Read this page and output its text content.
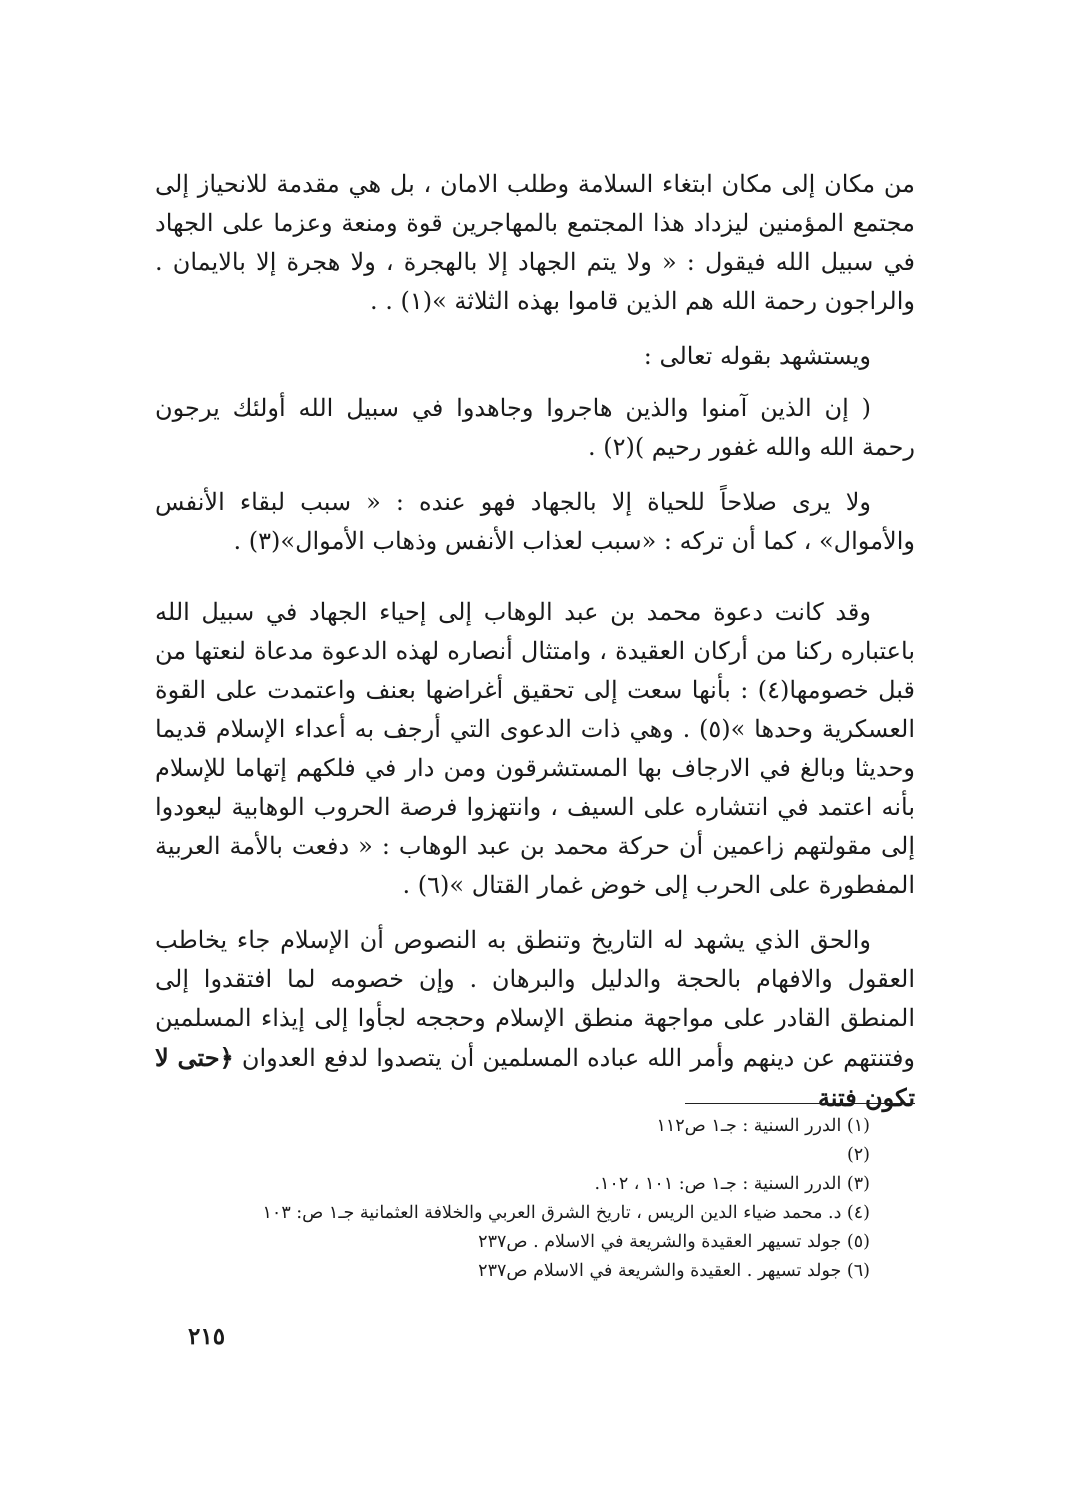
من مكان إلى مكان ابتغاء السلامة وطلب الامان ، بل هي مقدمة للانحياز إلى مجتمع المؤمنين ليزداد هذا المجتمع بالمهاجرين قوة ومنعة وعزما على الجهاد في سبيل الله فيقول : « ولا يتم الجهاد إلا بالهجرة ، ولا هجرة إلا بالايمان . والراجون رحمة الله هم الذين قاموا بهذه الثلاثة »(١) . .

ويستشهد بقوله تعالى :

( إن الذين آمنوا والذين هاجروا وجاهدوا في سبيل الله أولئك يرجون رحمة الله والله غفور رحيم )(٢) .

ولا يرى صلاحاً للحياة إلا بالجهاد فهو عنده : « سبب لبقاء الأنفس والأموال» ، كما أن تركه : «سبب لعذاب الأنفس وذهاب الأموال»(٣) .

وقد كانت دعوة محمد بن عبد الوهاب إلى إحياء الجهاد في سبيل الله باعتباره ركنا من أركان العقيدة ، وامتثال أنصاره لهذه الدعوة مدعاة لنعتها من قبل خصومها(٤) : بأنها سعت إلى تحقيق أغراضها بعنف واعتمدت على القوة العسكرية وحدها »(٥) . وهي ذات الدعوى التي أرجف به أعداء الإسلام قديما وحديثا وبالغ في الارجاف بها المستشرقون ومن دار في فلكهم إتهاما للإسلام بأنه اعتمد في انتشاره على السيف ، وانتهزوا فرصة الحروب الوهابية ليعودوا إلى مقولتهم زاعمين أن حركة محمد بن عبد الوهاب : « دفعت بالأمة العربية المفطورة على الحرب إلى خوض غمار القتال »(٦) .

والحق الذي يشهد له التاريخ وتنطق به النصوص أن الإسلام جاء يخاطب العقول والافهام بالحجة والدليل والبرهان . وإن خصومه لما افتقدوا إلى المنطق القادر على مواجهة منطق الإسلام وحججه لجأوا إلى إيذاء المسلمين وفتنتهم عن دينهم وأمر الله عباده المسلمين أن يتصدوا لدفع العدوان ﴿حتى لا تكون فتنة

(١) الدرر السنية : جـ١ ص١١٢

(٢)

(٣) الدرر السنية : جـ١ ص: ١٠١ ، ١٠٢.

(٤) د. محمد ضياء الدين الريس ، تاريخ الشرق العربي والخلافة العثمانية جـ١ ص: ١٠٣

(٥) جولد تسيهر العقيدة والشريعة في الاسلام . ص٢٣٧

(٦) جولد تسيهر . العقيدة والشريعة في الاسلام ص٢٣٧

٢١٥
